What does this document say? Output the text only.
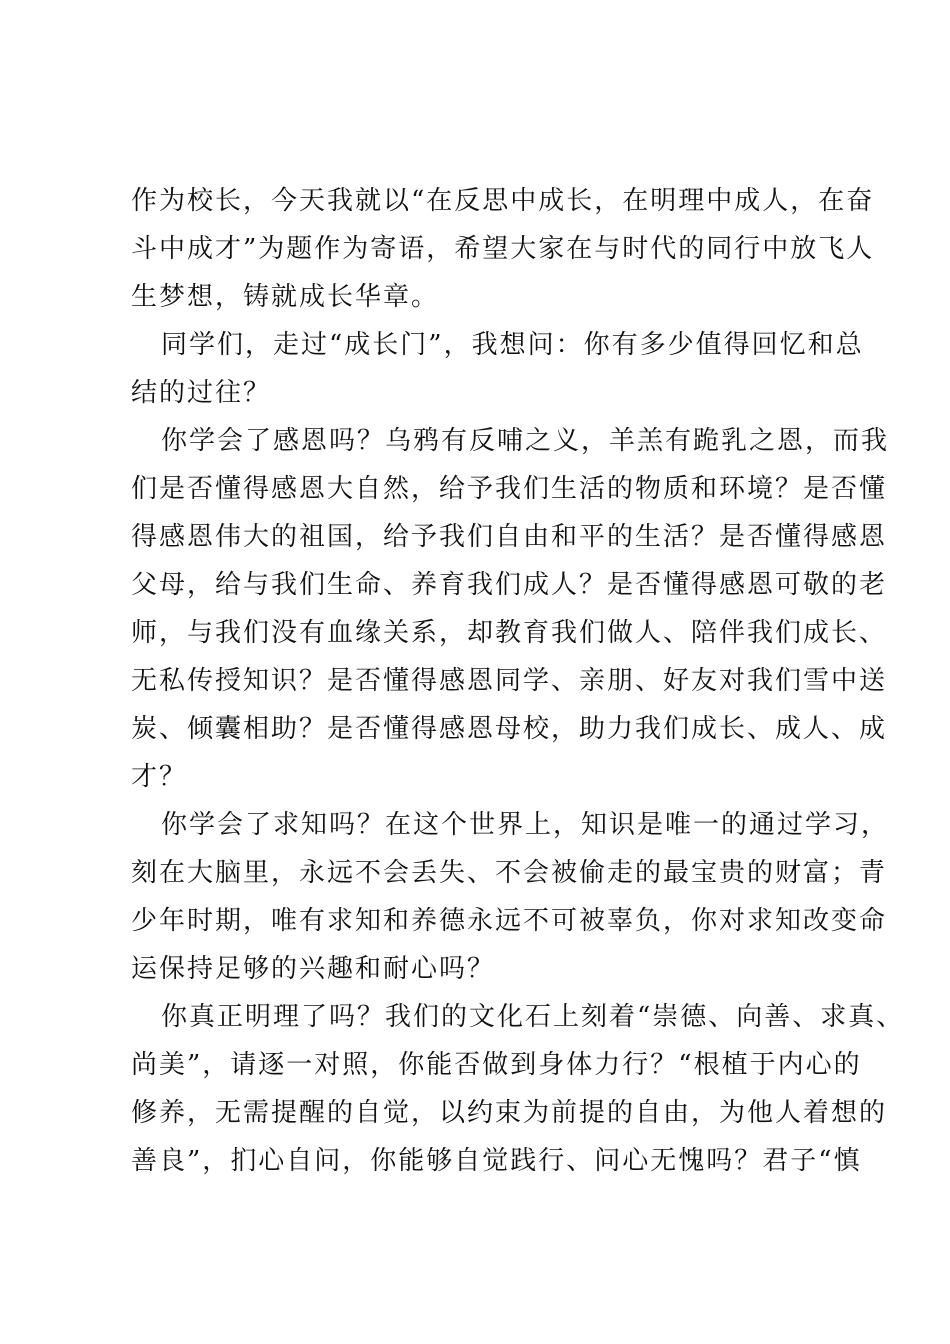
作为校长，今天我就以“在反思中成长，在明理中成人，在奋
斗中成才”为题作为寄语，希望大家在与时代的同行中放飞人
生梦想，铸就成长华章。

同学们，走过“成长门”，我想问：你有多少值得回忆和总
结的过往？

你学会了感恩吗？乌鸦有反哺之义，羊羔有跪乳之恩，而我
们是否懂得感恩大自然，给予我们生活的物质和环境？是否懂
得感恩伟大的祖国，给予我们自由和平的生活？是否懂得感恩
父母，给与我们生命、养育我们成人？是否懂得感恩可敬的老
师，与我们没有血缘关系，却教育我们做人、陪伴我们成长、
无私传授知识？是否懂得感恩同学、亲朋、好友对我们雪中送
炭、倾囊相助？是否懂得感恩母校，助力我们成长、成人、成
才？

你学会了求知吗？在这个世界上，知识是唯一的通过学习，
刻在大脑里，永远不会丢失、不会被偷走的最宝贵的财富；青
少年时期，唯有求知和养德永远不可被辜负，你对求知改变命
运保持足够的兴趣和耐心吗？

你真正明理了吗？我们的文化石上刻着“崇德、向善、求真、
尚美”，请逐一对照，你能否做到身体力行？“根植于内心的
修养，无需提醒的自觉，以约束为前提的自由，为他人着想的
善良”，扪心自问，你能够自觉践行、问心无愧吗？君子“慎
